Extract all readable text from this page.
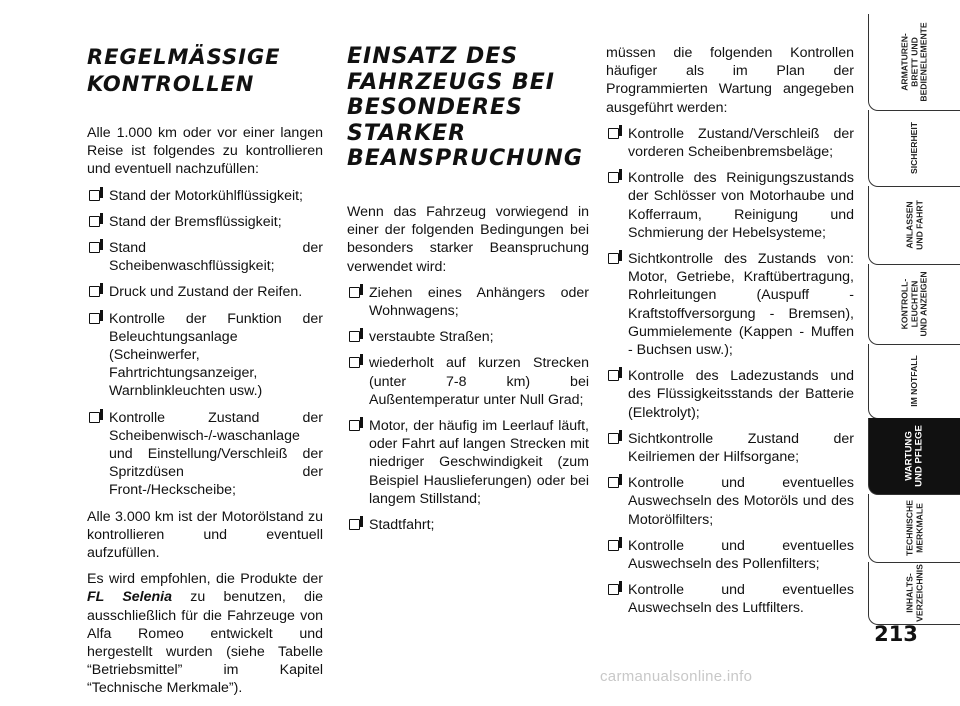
REGELMÄSSIGE
KONTROLLEN

Alle 1.000 km oder vor einer langen Reise ist folgendes zu kontrollieren und eventuell nachzufüllen:

Stand der Motorkühlflüssigkeit;
Stand der Bremsflüssigkeit;
Stand der Scheibenwaschflüssigkeit;
Druck und Zustand der Reifen.
Kontrolle der Funktion der Beleuchtungsanlage (Scheinwerfer, Fahrtrichtungsanzeiger, Warnblinkleuchten usw.)
Kontrolle Zustand der Scheibenwisch-/-waschanlage und Einstellung/Verschleiß der Spritzdüsen der Front-/Heckscheibe;

Alle 3.000 km ist der Motorölstand zu kontrollieren und eventuell aufzufüllen.

Es wird empfohlen, die Produkte der FL Selenia zu benutzen, die ausschließlich für die Fahrzeuge von Alfa Romeo entwickelt und hergestellt wurden (siehe Tabelle “Betriebsmittel” im Kapitel “Technische Merkmale”).

EINSATZ DES
FAHRZEUGS BEI
BESONDERES
STARKER
BEANSPRUCHUNG

Wenn das Fahrzeug vorwiegend in einer der folgenden Bedingungen bei besonders starker Beanspruchung verwendet wird:

Ziehen eines Anhängers oder Wohnwagens;
verstaubte Straßen;
wiederholt auf kurzen Strecken (unter 7-8 km) bei Außentemperatur unter Null Grad;
Motor, der häufig im Leerlauf läuft, oder Fahrt auf langen Strecken mit niedriger Geschwindigkeit (zum Beispiel Hauslieferungen) oder bei langem Stillstand;
Stadtfahrt;

müssen die folgenden Kontrollen häufiger als im Plan der Programmierten Wartung angegeben ausgeführt werden:

Kontrolle Zustand/Verschleiß der vorderen Scheibenbremsbeläge;
Kontrolle des Reinigungszustands der Schlösser von Motorhaube und Kofferraum, Reinigung und Schmierung der Hebelsysteme;
Sichtkontrolle des Zustands von: Motor, Getriebe, Kraftübertragung, Rohrleitungen (Auspuff - Kraftstoffversorgung - Bremsen), Gummielemente (Kappen - Muffen - Buchsen usw.);
Kontrolle des Ladezustands und des Flüssigkeitsstands der Batterie (Elektrolyt);
Sichtkontrolle Zustand der Keilriemen der Hilfsorgane;
Kontrolle und eventuelles Auswechseln des Motoröls und des Motorölfilters;
Kontrolle und eventuelles Auswechseln des Pollenfilters;
Kontrolle und eventuelles Auswechseln des Luftfilters.
ARMATUREN-
BRETT UND
BEDIENELEMENTE
SICHERHEIT
ANLASSEN
UND FAHRT
KONTROLL-
LEUCHTEN
UND ANZEIGEN
IM NOTFALL
WARTUNG
UND PFLEGE
TECHNISCHE
MERKMALE
INHALTS-
VERZEICHNIS
213
carmanualsonline.info
